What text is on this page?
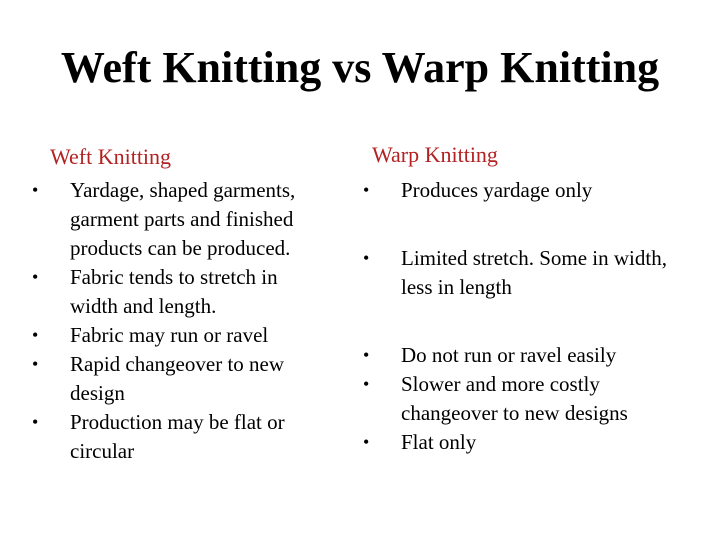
Weft Knitting vs Warp Knitting
Weft Knitting	Warp Knitting
• Yardage, shaped garments, garment parts and finished products can be produced.
• Fabric tends to stretch in width and length.
• Fabric may run or ravel
• Rapid changeover to new design
• Production may be flat or circular
• Produces yardage only
• Limited stretch. Some in width, less in length
• Do not run or ravel easily
• Slower and more costly changeover to new designs
• Flat only
